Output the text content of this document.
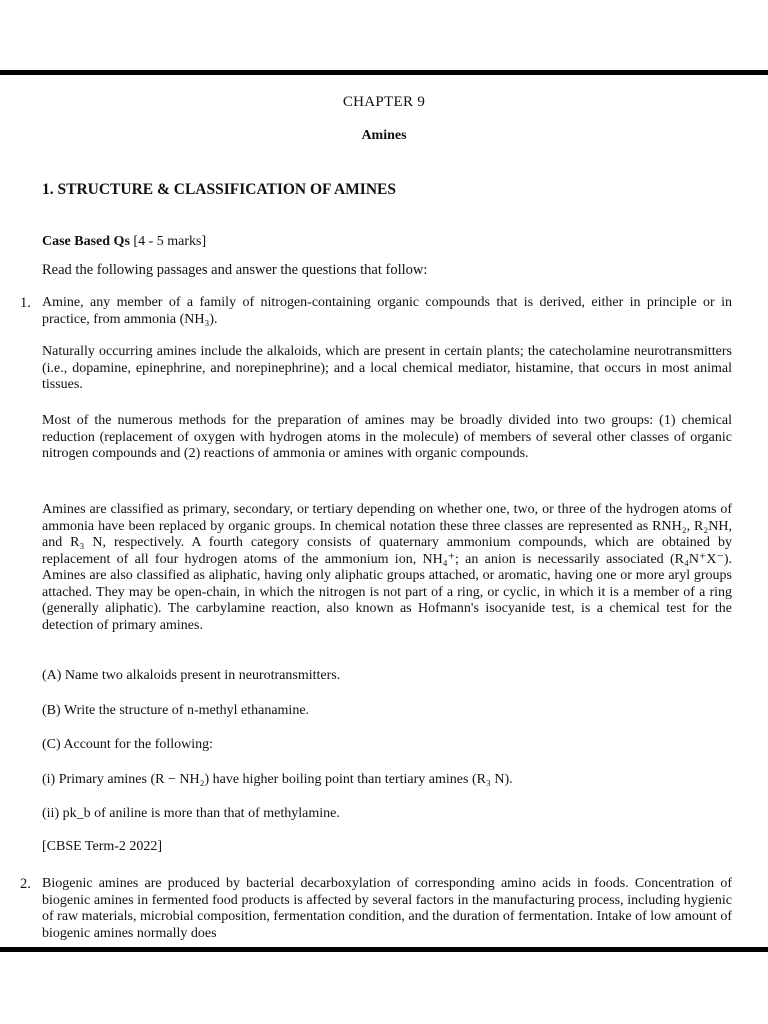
CHAPTER 9
Amines
1. STRUCTURE & CLASSIFICATION OF AMINES
Case Based Qs [4 - 5 marks]
Read the following passages and answer the questions that follow:
1. Amine, any member of a family of nitrogen-containing organic compounds that is derived, either in principle or in practice, from ammonia (NH₃).
Naturally occurring amines include the alkaloids, which are present in certain plants; the catecholamine neurotransmitters (i.e., dopamine, epinephrine, and norepinephrine); and a local chemical mediator, histamine, that occurs in most animal tissues.
Most of the numerous methods for the preparation of amines may be broadly divided into two groups: (1) chemical reduction (replacement of oxygen with hydrogen atoms in the molecule) of members of several other classes of organic nitrogen compounds and (2) reactions of ammonia or amines with organic compounds.
Amines are classified as primary, secondary, or tertiary depending on whether one, two, or three of the hydrogen atoms of ammonia have been replaced by organic groups. In chemical notation these three classes are represented as RNH₂, R₂NH, and R₃ N, respectively. A fourth category consists of quaternary ammonium compounds, which are obtained by replacement of all four hydrogen atoms of the ammonium ion, NH₄⁺; an anion is necessarily associated (R₄N⁺X⁻). Amines are also classified as aliphatic, having only aliphatic groups attached, or aromatic, having one or more aryl groups attached. They may be open-chain, in which the nitrogen is not part of a ring, or cyclic, in which it is a member of a ring (generally aliphatic). The carbylamine reaction, also known as Hofmann's isocyanide test, is a chemical test for the detection of primary amines.
(A) Name two alkaloids present in neurotransmitters.
(B) Write the structure of n-methyl ethanamine.
(C) Account for the following:
(i) Primary amines (R − NH₂) have higher boiling point than tertiary amines (R₃ N).
(ii) pk_b of aniline is more than that of methylamine.
[CBSE Term-2 2022]
2. Biogenic amines are produced by bacterial decarboxylation of corresponding amino acids in foods. Concentration of biogenic amines in fermented food products is affected by several factors in the manufacturing process, including hygienic of raw materials, microbial composition, fermentation condition, and the duration of fermentation. Intake of low amount of biogenic amines normally does
